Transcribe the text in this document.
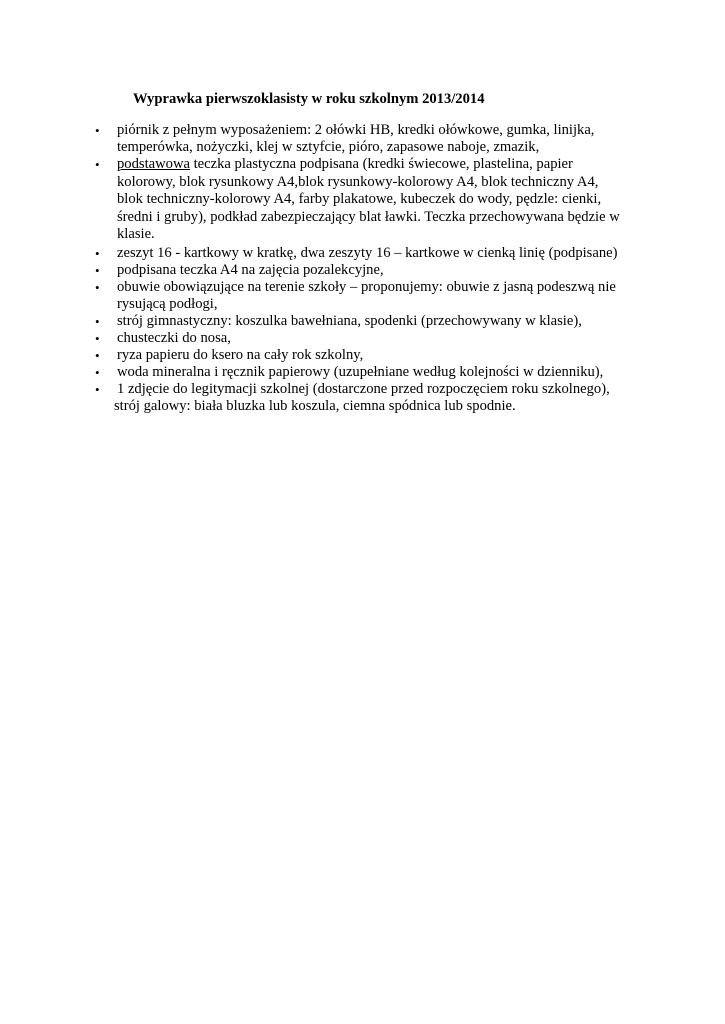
Wyprawka pierwszoklasisty w roku szkolnym 2013/2014
• piórnik z pełnym wyposażeniem: 2 ołówki HB, kredki ołówkowe, gumka, linijka,
temperówka, nożyczki, klej w sztyfcie, pióro, zapasowe naboje, zmazik,
• podstawowa teczka plastyczna podpisana (kredki świecowe, plastelina, papier
kolorowy, blok rysunkowy A4,blok rysunkowy-kolorowy A4, blok techniczny A4,
blok techniczny-kolorowy A4, farby plakatowe, kubeczek do wody, pędzle: cienki,
średni i gruby), podkład zabezpieczający blat ławki. Teczka przechowywana będzie w
klasie.
• zeszyt 16 - kartkowy w kratkę, dwa zeszyty 16 – kartkowe w cienką linię (podpisane)
• podpisana teczka A4 na zajęcia pozalekcyjne,
• obuwie obowiązujące na terenie szkoły – proponujemy: obuwie z jasną podeszwą nie
rysującą podłogi,
• strój gimnastyczny: koszulka bawełniana, spodenki (przechowywany w klasie),
• chusteczki do nosa,
• ryza papieru do ksero na cały rok szkolny,
• woda mineralna i ręcznik papierowy (uzupełniane według kolejności w dzienniku),
• 1 zdjęcie do legitymacji szkolnej (dostarczone przed rozpoczęciem roku szkolnego),
strój galowy: biała bluzka lub koszula, ciemna spódnica lub spodnie.
